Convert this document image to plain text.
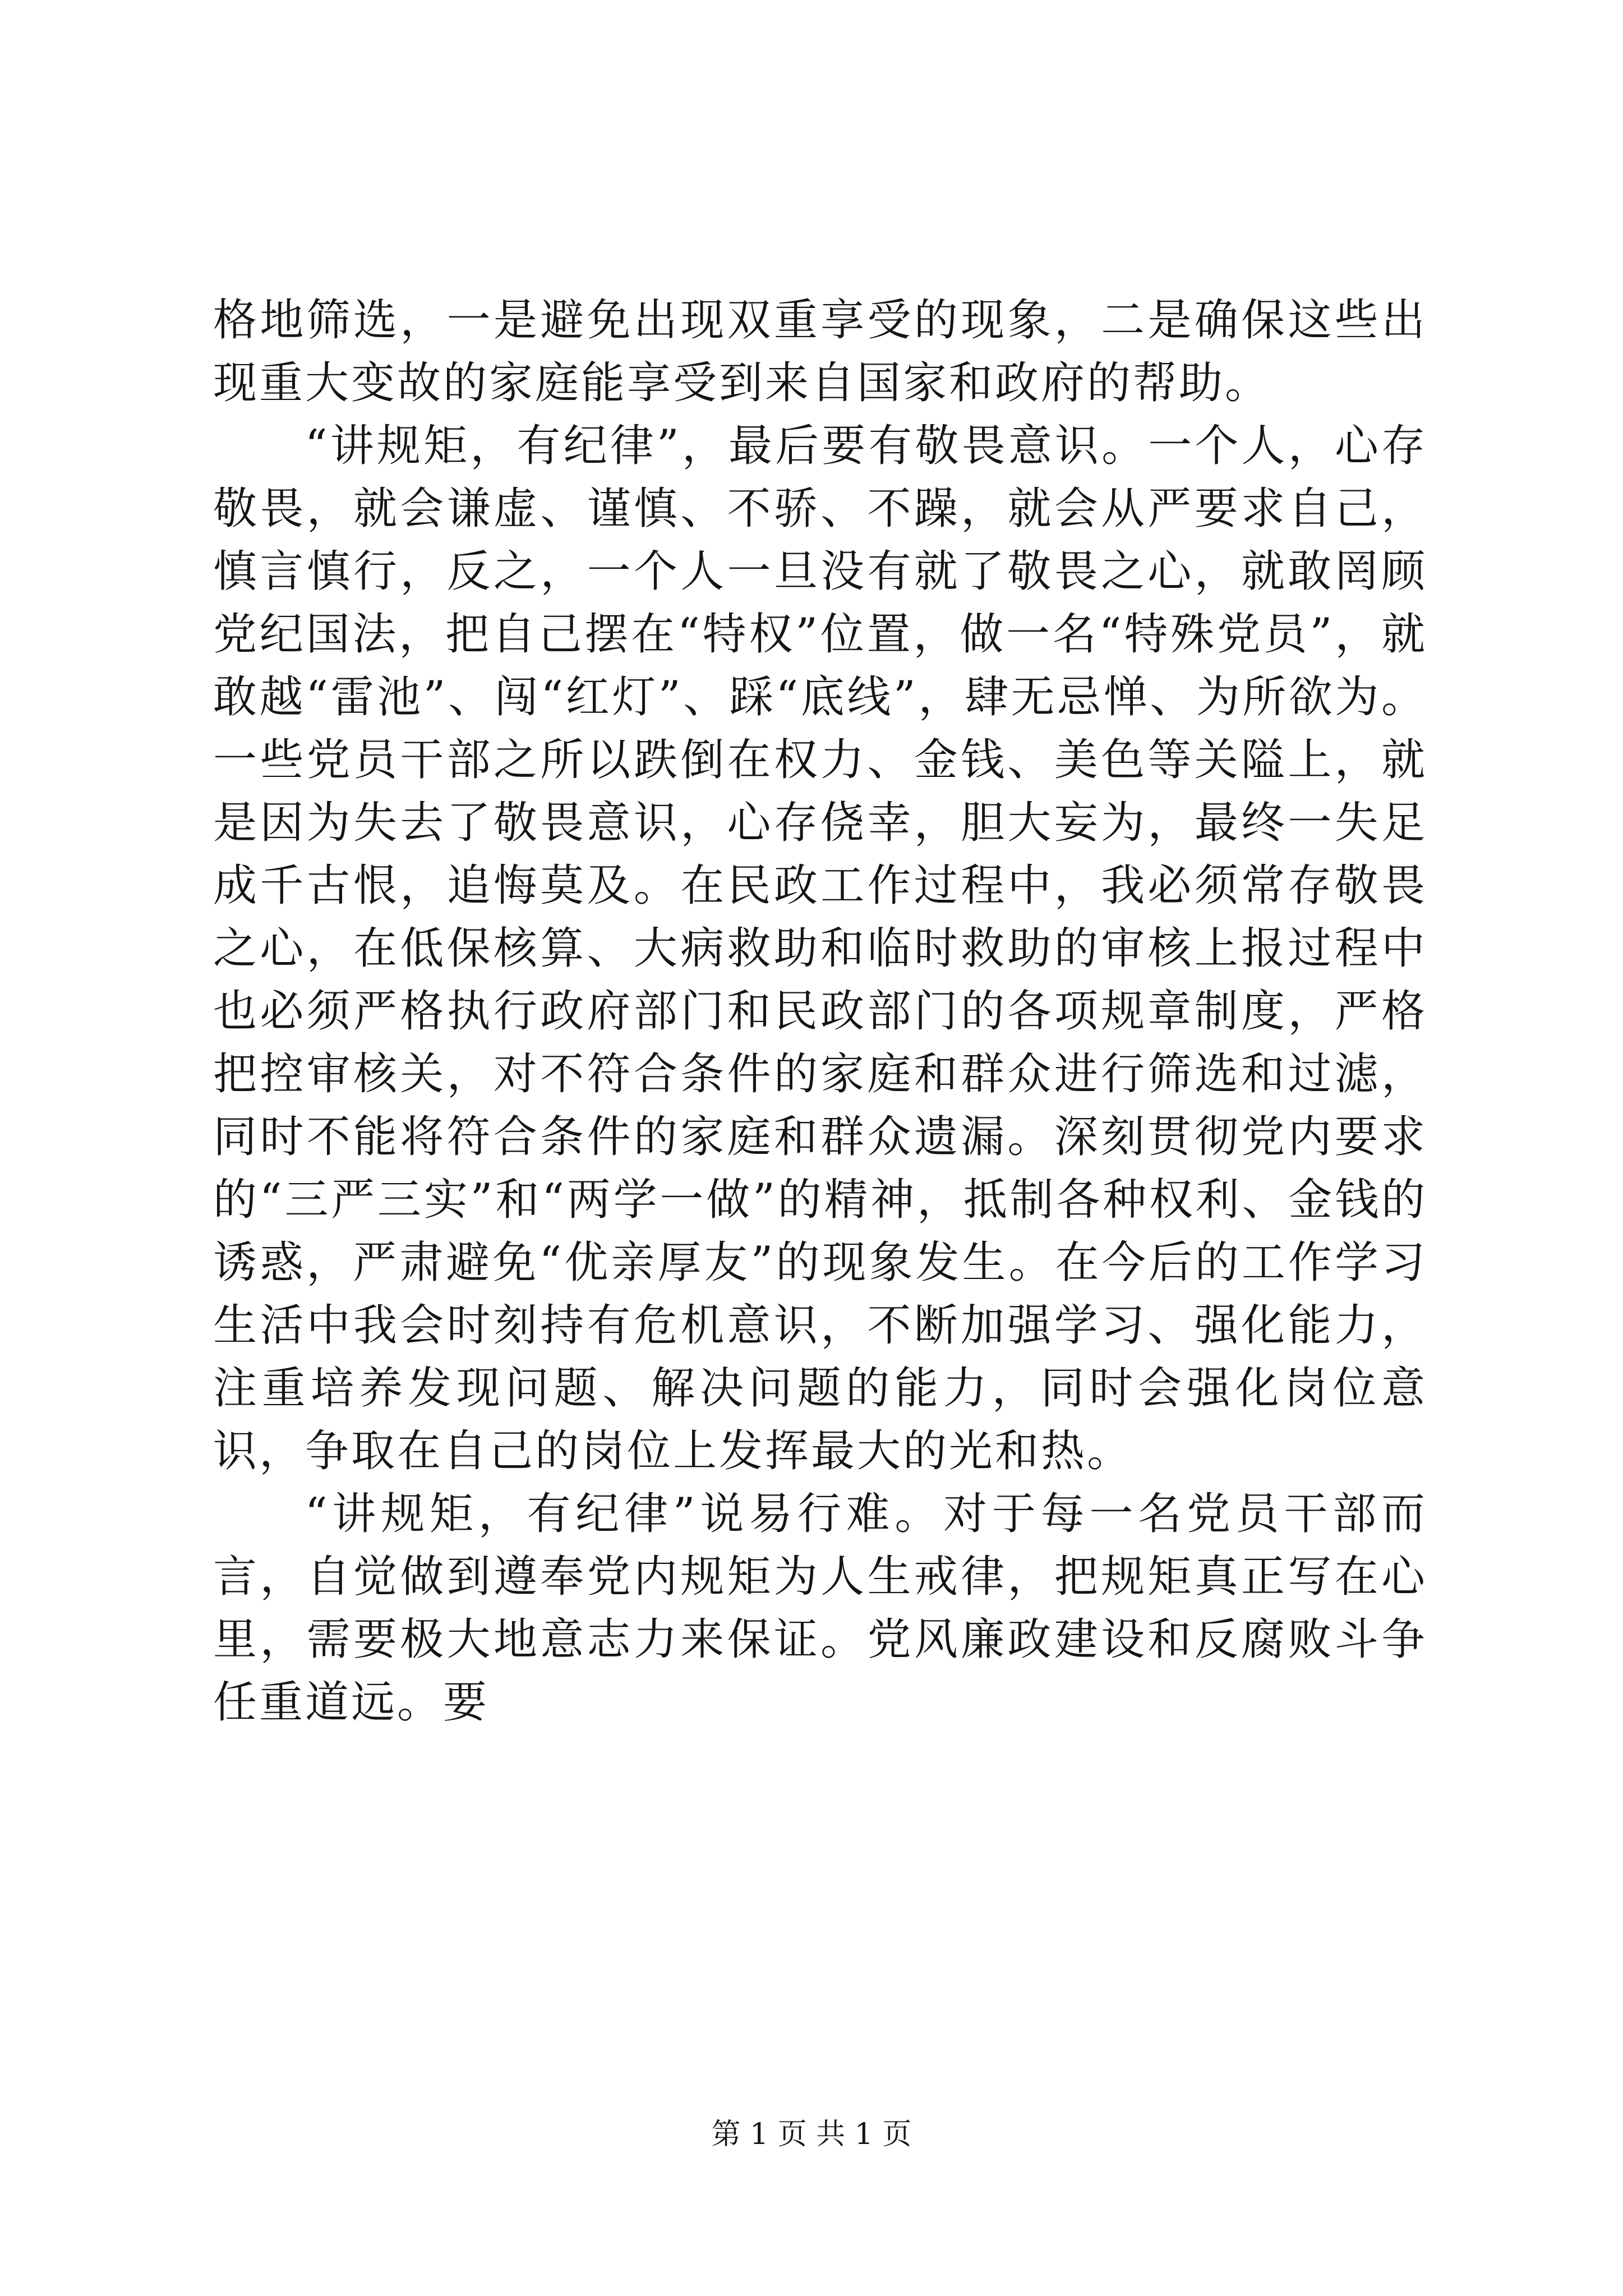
格地筛选，一是避免出现双重享受的现象，二是确保这些出现重大变故的家庭能享受到来自国家和政府的帮助。

“讲规矩，有纪律”，最后要有敬畏意识。一个人，心存敬畏，就会谦虚、谨慎、不骄、不躁，就会从严要求自己，慎言慎行，反之，一个人一旦没有就了敬畏之心，就敢罔顾党纪国法，把自己摆在“特权”位置，做一名“特殊党员”，就敢越“雷池”、闯“红灯”、踩“底线”，肆无忌惮、为所欲为。一些党员干部之所以跌倒在权力、金钱、美色等关隘上，就是因为失去了敬畏意识，心存侥幸，胆大妄为，最终一失足成千古恨，追悔莫及。在民政工作过程中，我必须常存敬畏之心，在低保核算、大病救助和临时救助的审核上报过程中也必须严格执行政府部门和民政部门的各项规章制度，严格把控审核关，对不符合条件的家庭和群众进行筛选和过滤，同时不能将符合条件的家庭和群众遗漏。深刻贯彻党内要求的“三严三实”和“两学一做”的精神，抵制各种权利、金钱的诱惑，严肃避免“优亲厚友”的现象发生。在今后的工作学习生活中我会时刻持有危机意识，不断加强学习、强化能力，注重培养发现问题、解决问题的能力，同时会强化岗位意识，争取在自己的岗位上发挥最大的光和热。

“讲规矩，有纪律”说易行难。对于每一名党员干部而言，自觉做到遵奉党内规矩为人生戒律，把规矩真正写在心里，需要极大地意志力来保证。党风廉政建设和反腐败斗争任重道远。要

第 1 页 共 1 页
